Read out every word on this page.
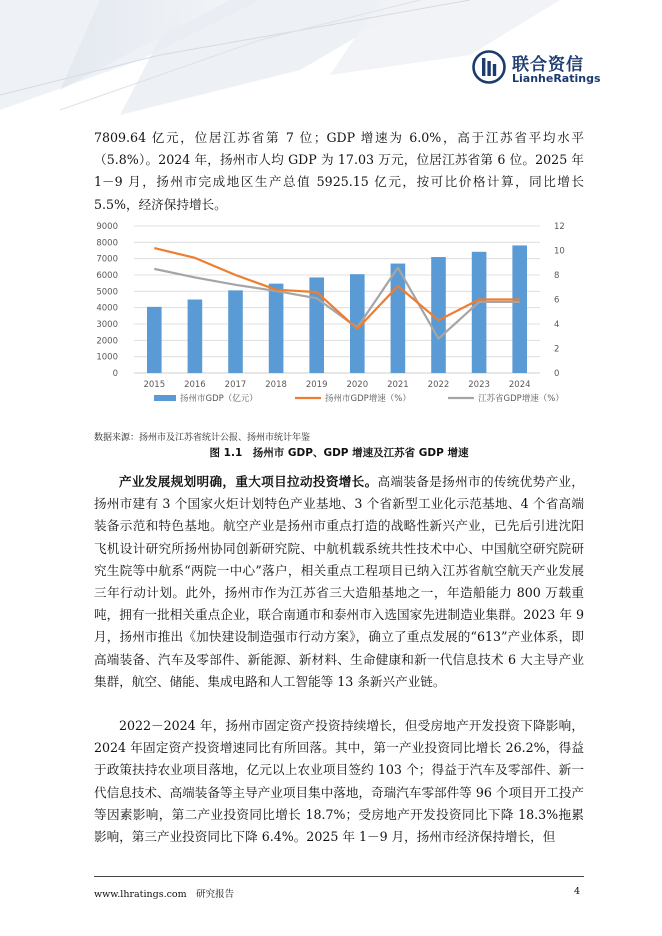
联合资信
LianheRatings
7809.64 亿元，位居江苏省第 7 位；GDP 增速为 6.0%，高于江苏省平均水平（5.8%）。2024 年，扬州市人均 GDP 为 17.03 万元，位居江苏省第 6 位。2025 年 1－9 月，扬州市完成地区生产总值 5925.15 亿元，按可比价格计算，同比增长 5.5%，经济保持增长。
0
1000
2000
3000
4000
5000
6000
7000
8000
9000
0
2
4
6
8
10
12
2015 2016 2017 2018 2019 2020 2021 2022 2023 2024
扬州市GDP（亿元）	扬州市GDP增速（%）	江苏省GDP增速（%）
数据来源：扬州市及江苏省统计公报、扬州市统计年鉴
图 1.1　扬州市 GDP、GDP 增速及江苏省 GDP 增速
产业发展规划明确，重大项目拉动投资增长。高端装备是扬州市的传统优势产业，扬州市建有 3 个国家火炬计划特色产业基地、3 个省新型工业化示范基地、4 个省高端装备示范和特色基地。航空产业是扬州市重点打造的战略性新兴产业，已先后引进沈阳飞机设计研究所扬州协同创新研究院、中航机载系统共性技术中心、中国航空研究院研究生院等中航系“两院一中心”落户，相关重点工程项目已纳入江苏省航空航天产业发展三年行动计划。此外，扬州市作为江苏省三大造船基地之一，年造船能力 800 万载重吨，拥有一批相关重点企业，联合南通市和泰州市入选国家先进制造业集群。2023 年 9 月，扬州市推出《加快建设制造强市行动方案》，确立了重点发展的“613”产业体系，即高端装备、汽车及零部件、新能源、新材料、生命健康和新一代信息技术 6 大主导产业集群，航空、储能、集成电路和人工智能等 13 条新兴产业链。
2022－2024 年，扬州市固定资产投资持续增长，但受房地产开发投资下降影响，2024 年固定资产投资增速同比有所回落。其中，第一产业投资同比增长 26.2%，得益于政策扶持农业项目落地，亿元以上农业项目签约 103 个；得益于汽车及零部件、新一代信息技术、高端装备等主导产业项目集中落地，奇瑞汽车零部件等 96 个项目开工投产等因素影响，第二产业投资同比增长 18.7%；受房地产开发投资同比下降 18.3%拖累影响，第三产业投资同比下降 6.4%。2025 年 1－9 月，扬州市经济保持增长，但
www.lhratings.com　研究报告	4
